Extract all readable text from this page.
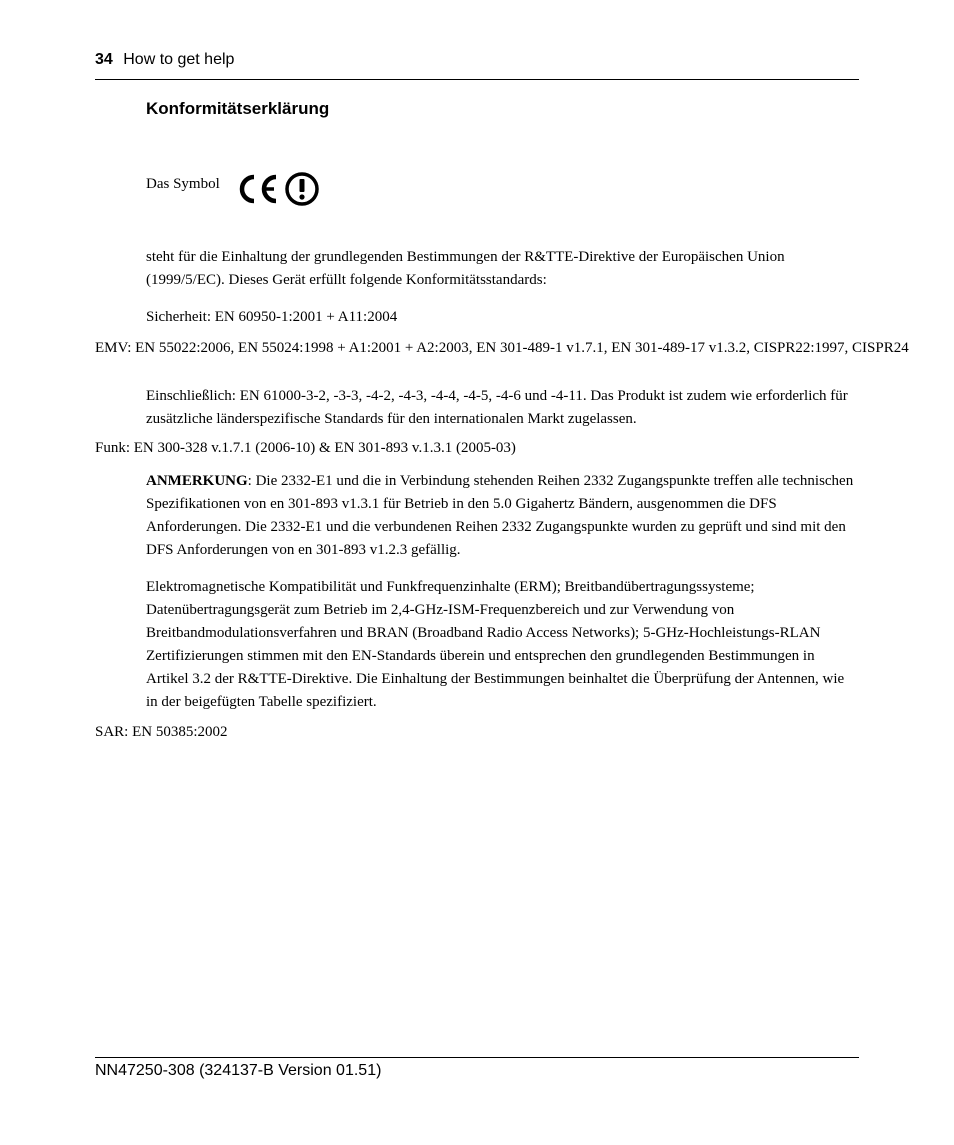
34 How to get help
Konformitätserklärung
Das Symbol

steht für die Einhaltung der grundlegenden Bestimmungen der R&TTE-Direktive der Europäischen Union (1999/5/EC). Dieses Gerät erfüllt folgende Konformitätsstandards:

Sicherheit: EN 60950-1:2001 + A11:2004

EMV: EN 55022:2006, EN 55024:1998 + A1:2001 + A2:2003, EN 301-489-1 v1.7.1, EN 301-489-17 v1.3.2, CISPR22:1997, CISPR24

Einschließlich: EN 61000-3-2, -3-3, -4-2, -4-3, -4-4, -4-5, -4-6 und -4-11. Das Produkt ist zudem wie erforderlich für zusätzliche länderspezifische Standards für den internationalen Markt zugelassen.

Funk: EN 300-328 v.1.7.1 (2006-10) & EN 301-893 v.1.3.1 (2005-03)

ANMERKUNG: Die 2332-E1 und die in Verbindung stehenden Reihen 2332 Zugangspunkte treffen alle technischen Spezifikationen von en 301-893 v1.3.1 für Betrieb in den 5.0 Gigahertz Bändern, ausgenommen die DFS Anforderungen. Die 2332-E1 und die verbundenen Reihen 2332 Zugangspunkte wurden zu geprüft und sind mit den DFS Anforderungen von en 301-893 v1.2.3 gefällig.

Elektromagnetische Kompatibilität und Funkfrequenzinhalte (ERM); Breitbandübertragungssysteme; Datenübertragungsgerät zum Betrieb im 2,4-GHz-ISM-Frequenzbereich und zur Verwendung von Breitbandmodulationsverfahren und BRAN (Broadband Radio Access Networks); 5-GHz-Hochleistungs-RLAN Zertifizierungen stimmen mit den EN-Standards überein und entsprechen den grundlegenden Bestimmungen in Artikel 3.2 der R&TTE-Direktive. Die Einhaltung der Bestimmungen beinhaltet die Überprüfung der Antennen, wie in der beigefügten Tabelle spezifiziert.

SAR: EN 50385:2002

NN47250-308 (324137-B Version 01.51)
